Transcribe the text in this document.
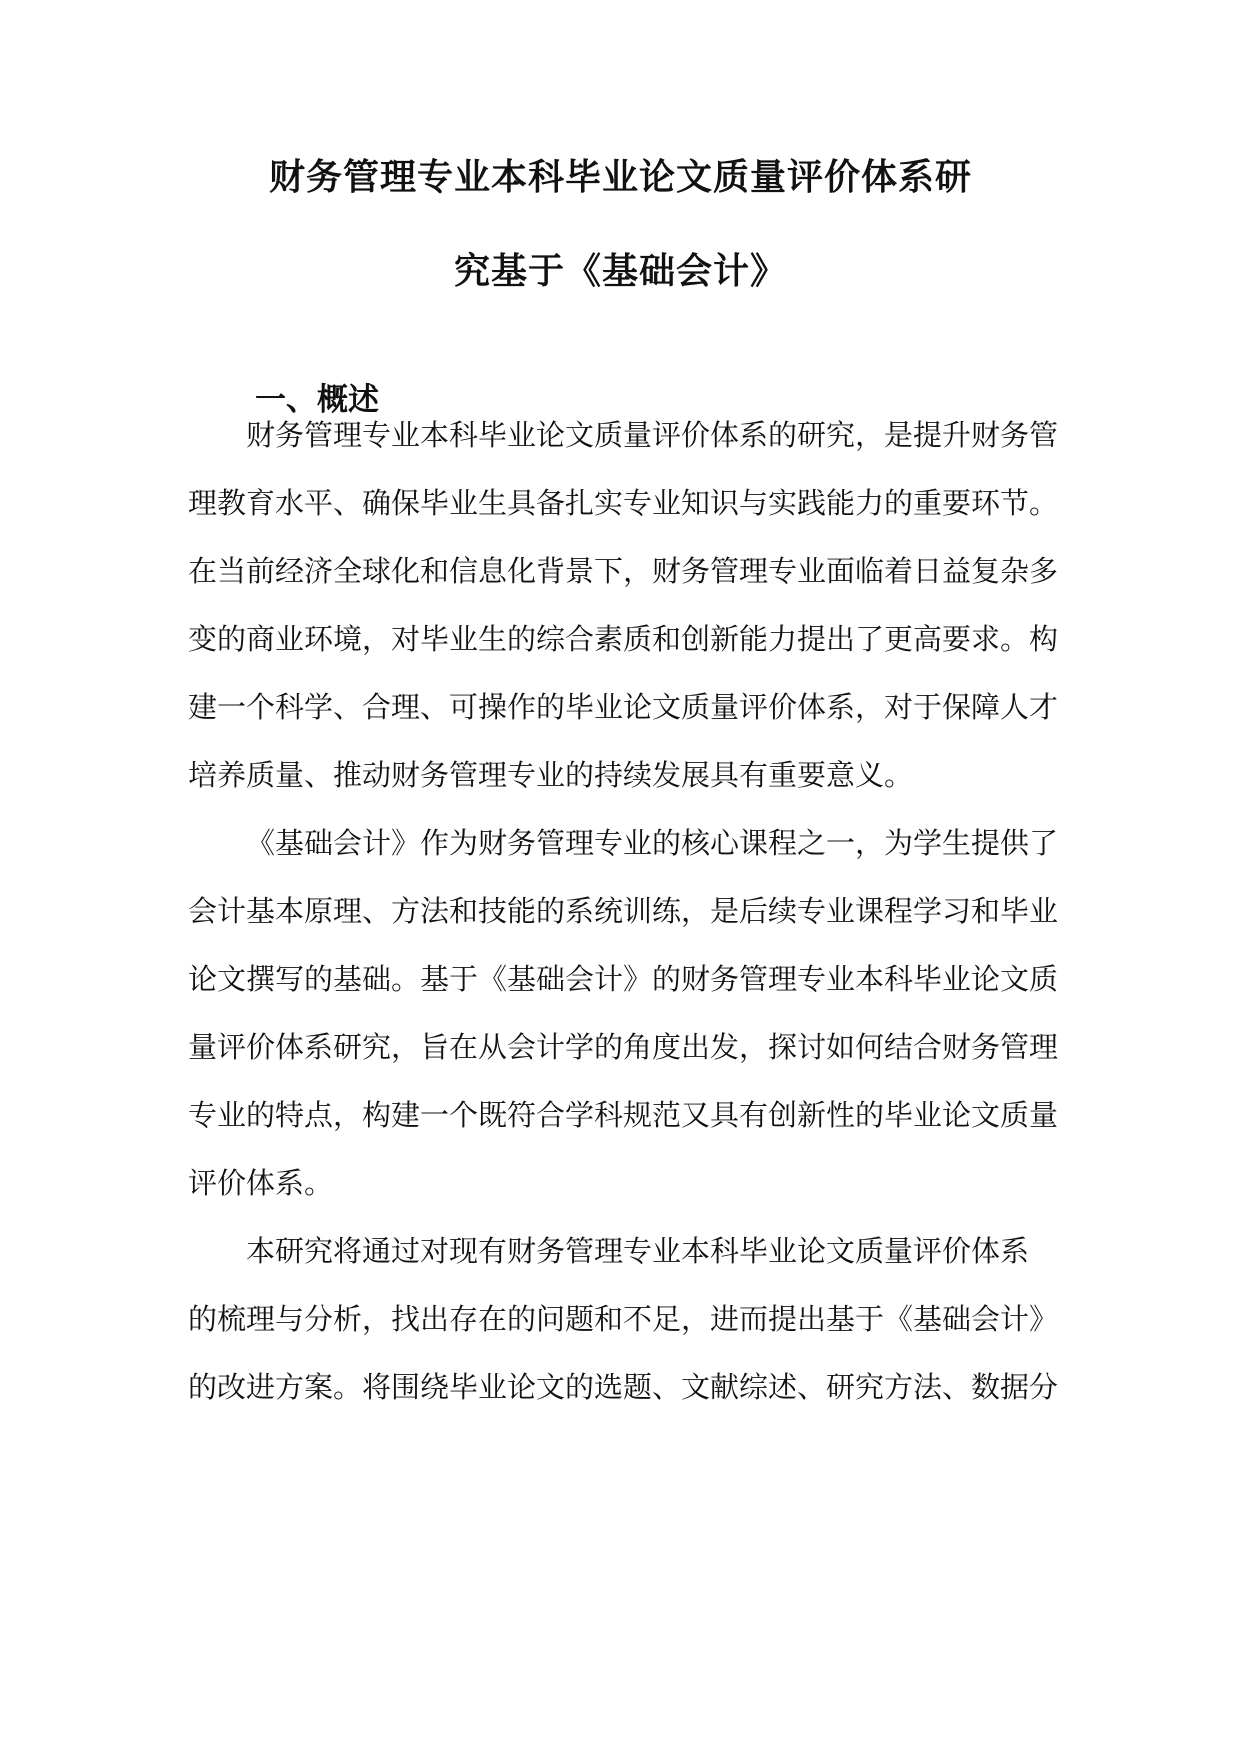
财务管理专业本科毕业论文质量评价体系研
究基于《基础会计》
一、概述

财务管理专业本科毕业论文质量评价体系的研究，是提升财务管

理教育水平、确保毕业生具备扎实专业知识与实践能力的重要环节。

在当前经济全球化和信息化背景下，财务管理专业面临着日益复杂多

变的商业环境，对毕业生的综合素质和创新能力提出了更高要求。构

建一个科学、合理、可操作的毕业论文质量评价体系，对于保障人才

培养质量、推动财务管理专业的持续发展具有重要意义。

《基础会计》作为财务管理专业的核心课程之一，为学生提供了

会计基本原理、方法和技能的系统训练，是后续专业课程学习和毕业

论文撰写的基础。基于《基础会计》的财务管理专业本科毕业论文质

量评价体系研究，旨在从会计学的角度出发，探讨如何结合财务管理

专业的特点，构建一个既符合学科规范又具有创新性的毕业论文质量

评价体系。

本研究将通过对现有财务管理专业本科毕业论文质量评价体系

的梳理与分析，找出存在的问题和不足，进而提出基于《基础会计》

的改进方案。将围绕毕业论文的选题、文献综述、研究方法、数据分
